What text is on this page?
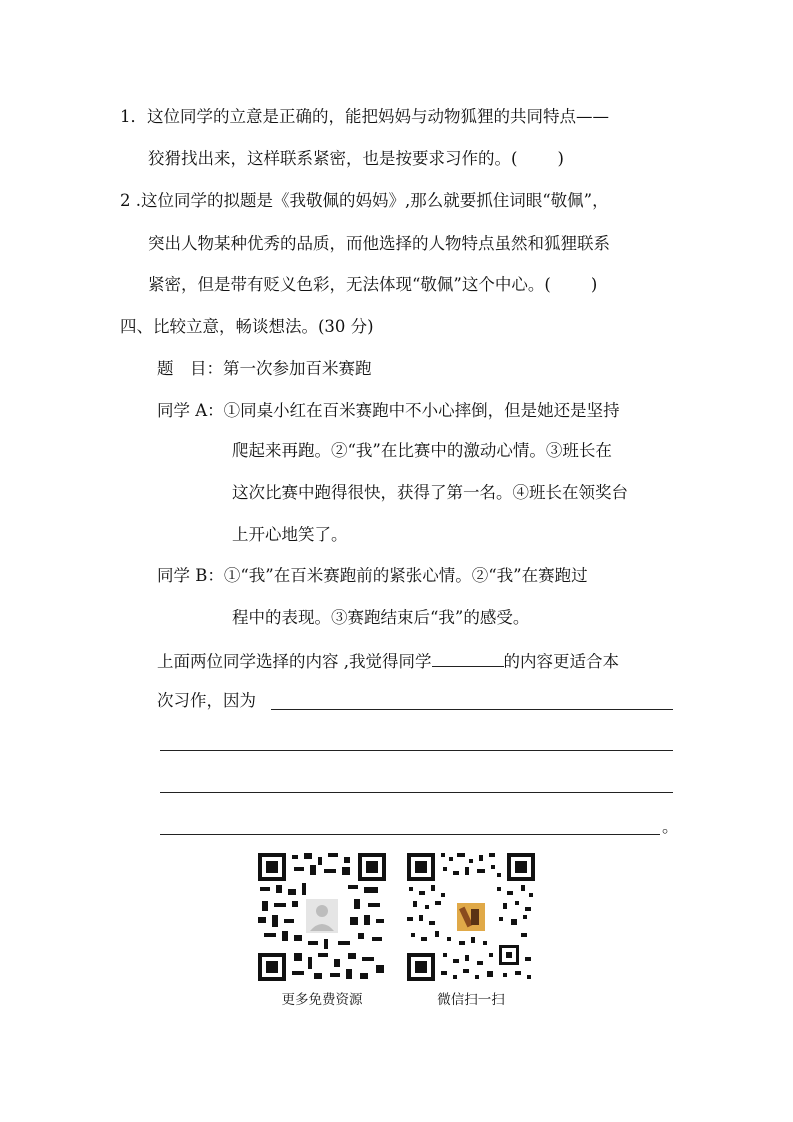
1．这位同学的立意是正确的，能把妈妈与动物狐狸的共同特点——
狡猾找出来，这样联系紧密，也是按要求习作的。( )
2 .这位同学的拟题是《我敬佩的妈妈》,那么就要抓住词眼“敬佩”，
突出人物某种优秀的品质，而他选择的人物特点虽然和狐狸联系
紧密，但是带有贬义色彩，无法体现“敬佩”这个中心。( )
四、比较立意，畅谈想法。(30 分)
题　目：第一次参加百米赛跑
同学 A：①同桌小红在百米赛跑中不小心摔倒，但是她还是坚持
爬起来再跑。②“我”在比赛中的激动心情。③班长在
这次比赛中跑得很快，获得了第一名。④班长在领奖台
上开心地笑了。
同学 B：①“我”在百米赛跑前的紧张心情。②“我”在赛跑过
程中的表现。③赛跑结束后“我”的感受。
上面两位同学选择的内容 ,我觉得同学	的内容更适合本
次习作，因为
。
更多免费资源	微信扫一扫
